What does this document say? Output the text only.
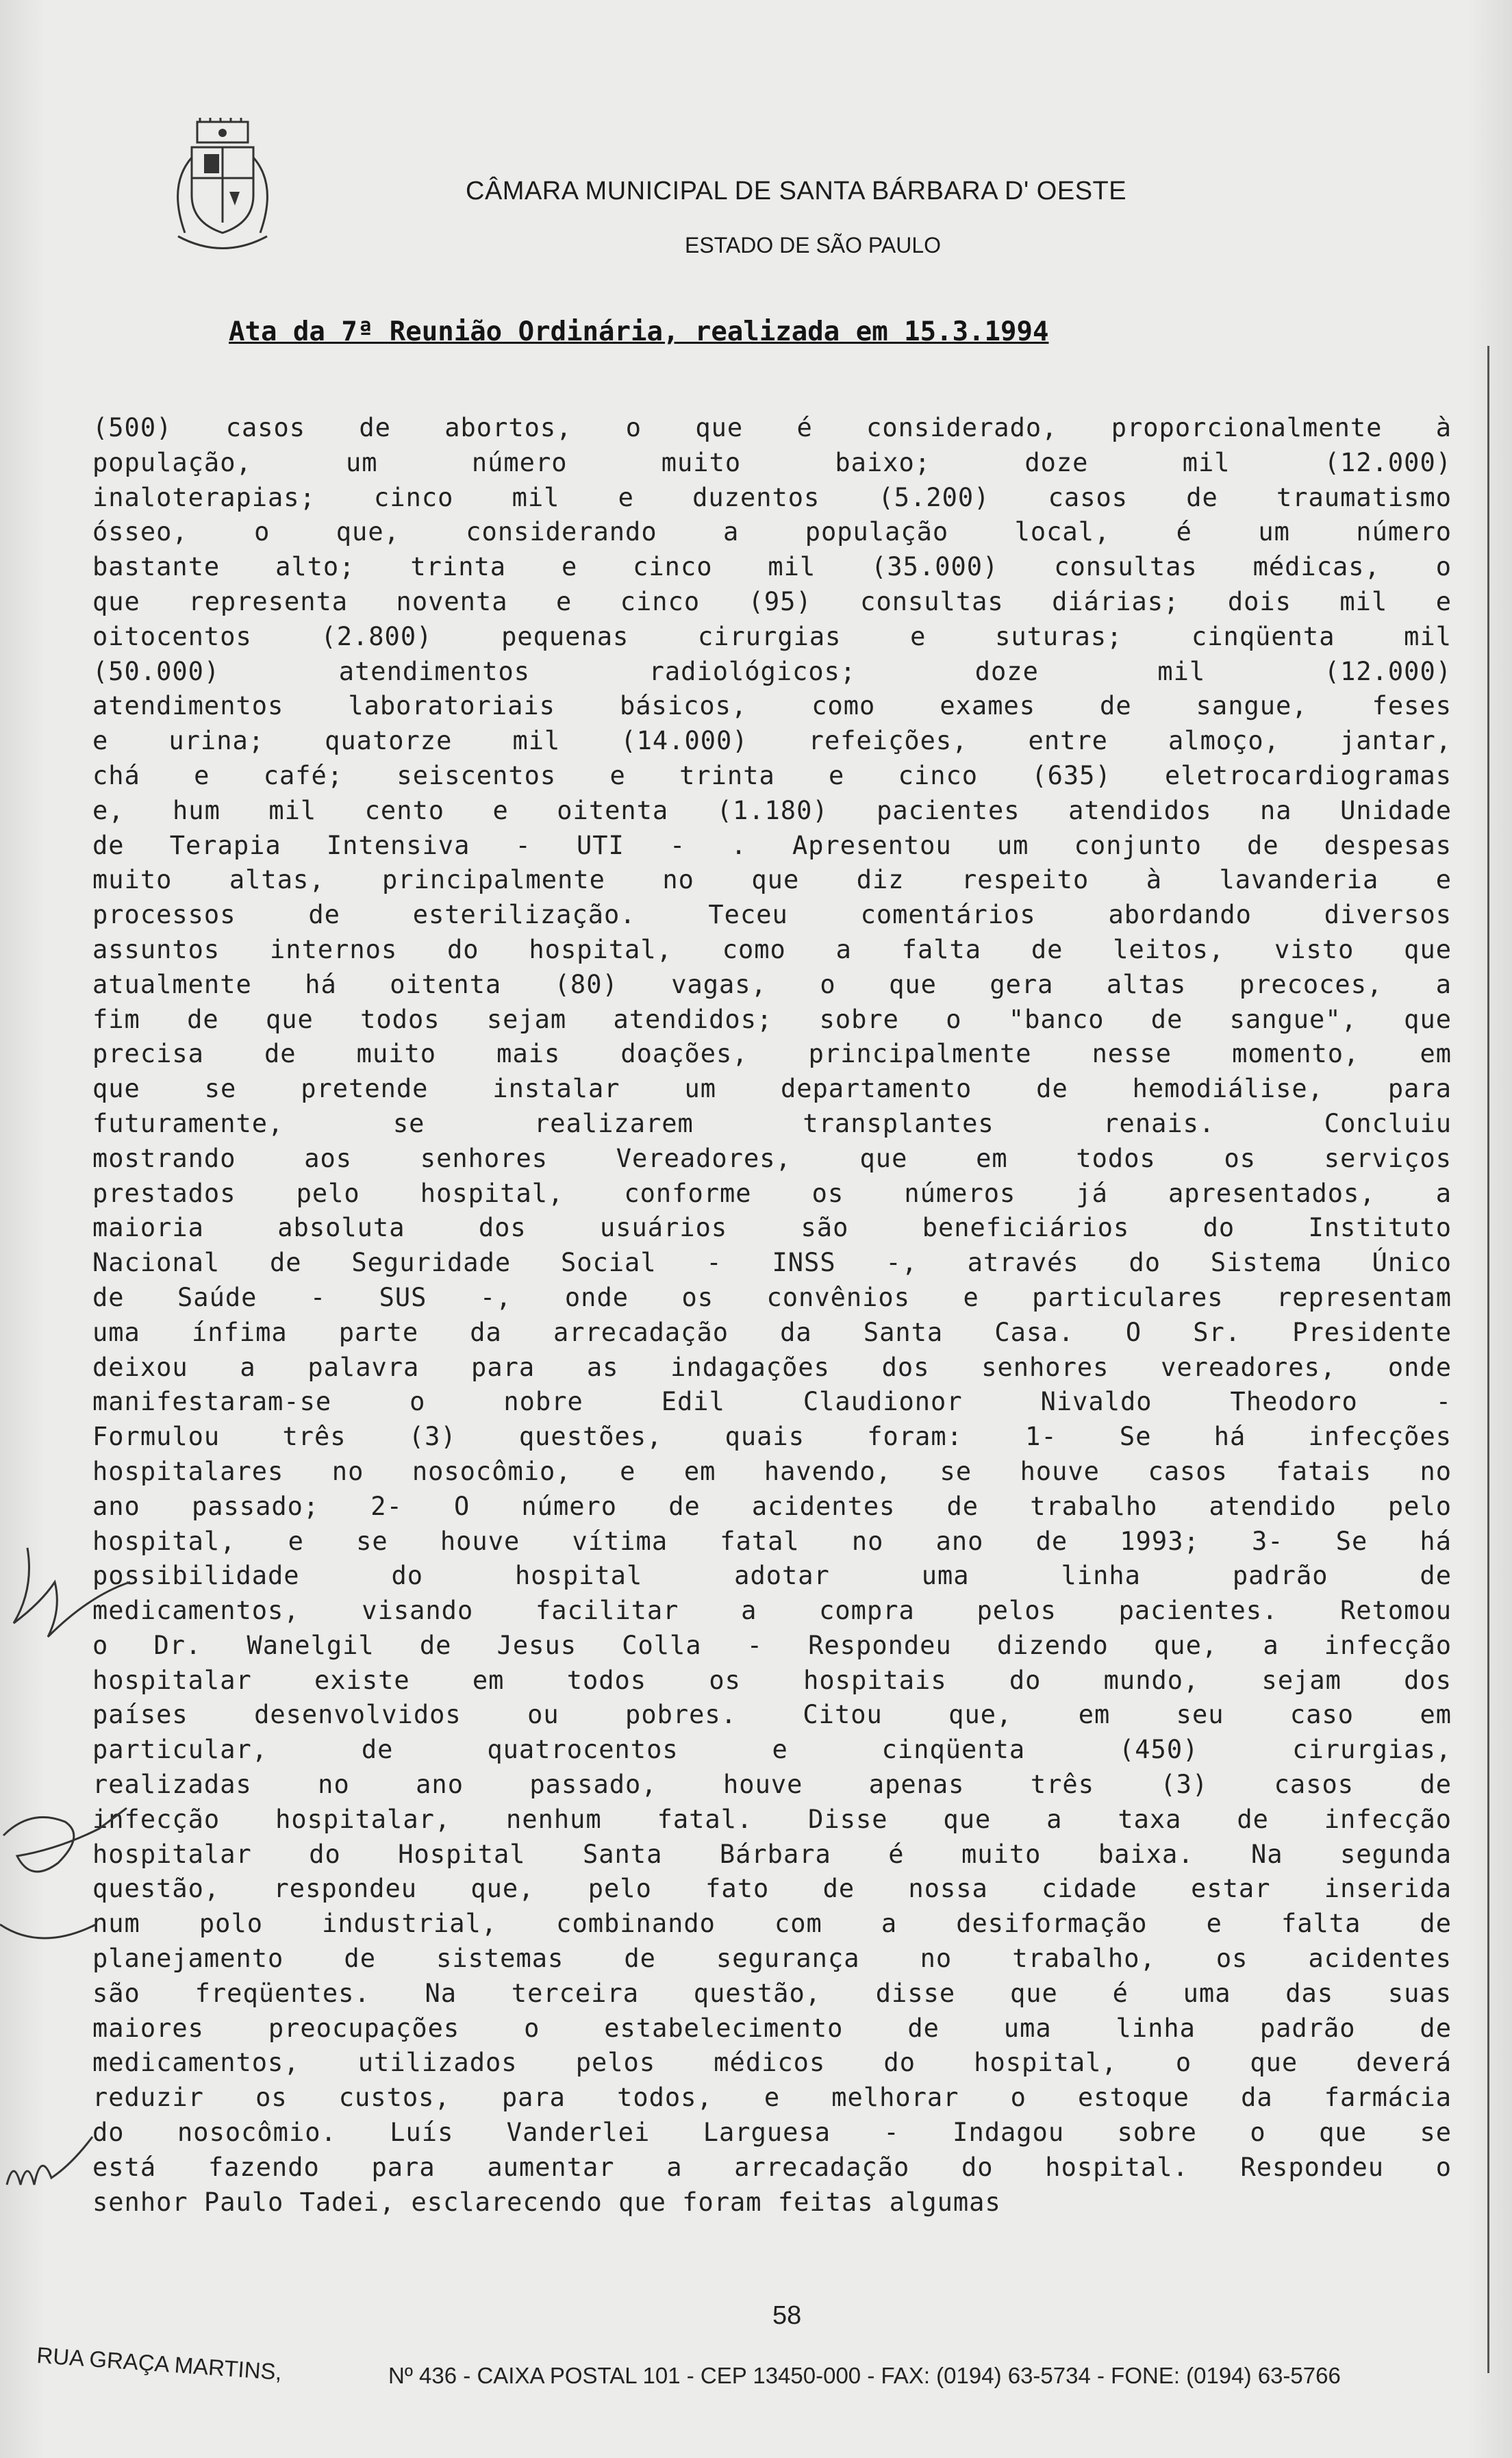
CÂMARA MUNICIPAL DE SANTA BÁRBARA D' OESTE
ESTADO DE SÃO PAULO
Ata da 7ª Reunião Ordinária, realizada em 15.3.1994
(500) casos de abortos, o que é considerado, proporcionalmente à
população, um número muito baixo; doze mil (12.000)
inaloterapias; cinco mil e duzentos (5.200) casos de traumatismo
ósseo, o que, considerando a população local, é um número
bastante alto; trinta e cinco mil (35.000) consultas médicas, o
que representa noventa e cinco (95) consultas diárias; dois mil e
oitocentos (2.800) pequenas cirurgias e suturas; cinqüenta mil
(50.000) atendimentos radiológicos; doze mil (12.000)
atendimentos laboratoriais básicos, como exames de sangue, feses
e urina; quatorze mil (14.000) refeições, entre almoço, jantar,
chá e café; seiscentos e trinta e cinco (635) eletrocardiogramas
e, hum mil cento e oitenta (1.180) pacientes atendidos na Unidade
de Terapia Intensiva - UTI - . Apresentou um conjunto de despesas
muito altas, principalmente no que diz respeito à lavanderia e
processos de esterilização. Teceu comentários abordando diversos
assuntos internos do hospital, como a falta de leitos, visto que
atualmente há oitenta (80) vagas, o que gera altas precoces, a
fim de que todos sejam atendidos; sobre o "banco de sangue", que
precisa de muito mais doações, principalmente nesse momento, em
que se pretende instalar um departamento de hemodiálise, para
futuramente, se realizarem transplantes renais. Concluiu
mostrando aos senhores Vereadores, que em todos os serviços
prestados pelo hospital, conforme os números já apresentados, a
maioria absoluta dos usuários são beneficiários do Instituto
Nacional de Seguridade Social - INSS -, através do Sistema Único
de Saúde - SUS -, onde os convênios e particulares representam
uma ínfima parte da arrecadação da Santa Casa. O Sr. Presidente
deixou a palavra para as indagações dos senhores vereadores, onde
manifestaram-se o nobre Edil Claudionor Nivaldo Theodoro -
Formulou três (3) questões, quais foram: 1- Se há infecções
hospitalares no nosocômio, e em havendo, se houve casos fatais no
ano passado; 2- O número de acidentes de trabalho atendido pelo
hospital, e se houve vítima fatal no ano de 1993; 3- Se há
possibilidade do hospital adotar uma linha padrão de
medicamentos, visando facilitar a compra pelos pacientes. Retomou
o Dr. Wanelgil de Jesus Colla - Respondeu dizendo que, a infecção
hospitalar existe em todos os hospitais do mundo, sejam dos
países desenvolvidos ou pobres. Citou que, em seu caso em
particular, de quatrocentos e cinqüenta (450) cirurgias,
realizadas no ano passado, houve apenas três (3) casos de
infecção hospitalar, nenhum fatal. Disse que a taxa de infecção
hospitalar do Hospital Santa Bárbara é muito baixa. Na segunda
questão, respondeu que, pelo fato de nossa cidade estar inserida
num polo industrial, combinando com a desiformação e falta de
planejamento de sistemas de segurança no trabalho, os acidentes
são freqüentes. Na terceira questão, disse que é uma das suas
maiores preocupações o estabelecimento de uma linha padrão de
medicamentos, utilizados pelos médicos do hospital, o que deverá
reduzir os custos, para todos, e melhorar o estoque da farmácia
do nosocômio. Luís Vanderlei Larguesa - Indagou sobre o que se
está fazendo para aumentar a arrecadação do hospital. Respondeu o
senhor Paulo Tadei, esclarecendo que foram feitas algumas
58
RUA GRAÇA MARTINS,	Nº 436 - CAIXA POSTAL 101 - CEP 13450-000 - FAX: (0194) 63-5734 - FONE: (0194) 63-5766
